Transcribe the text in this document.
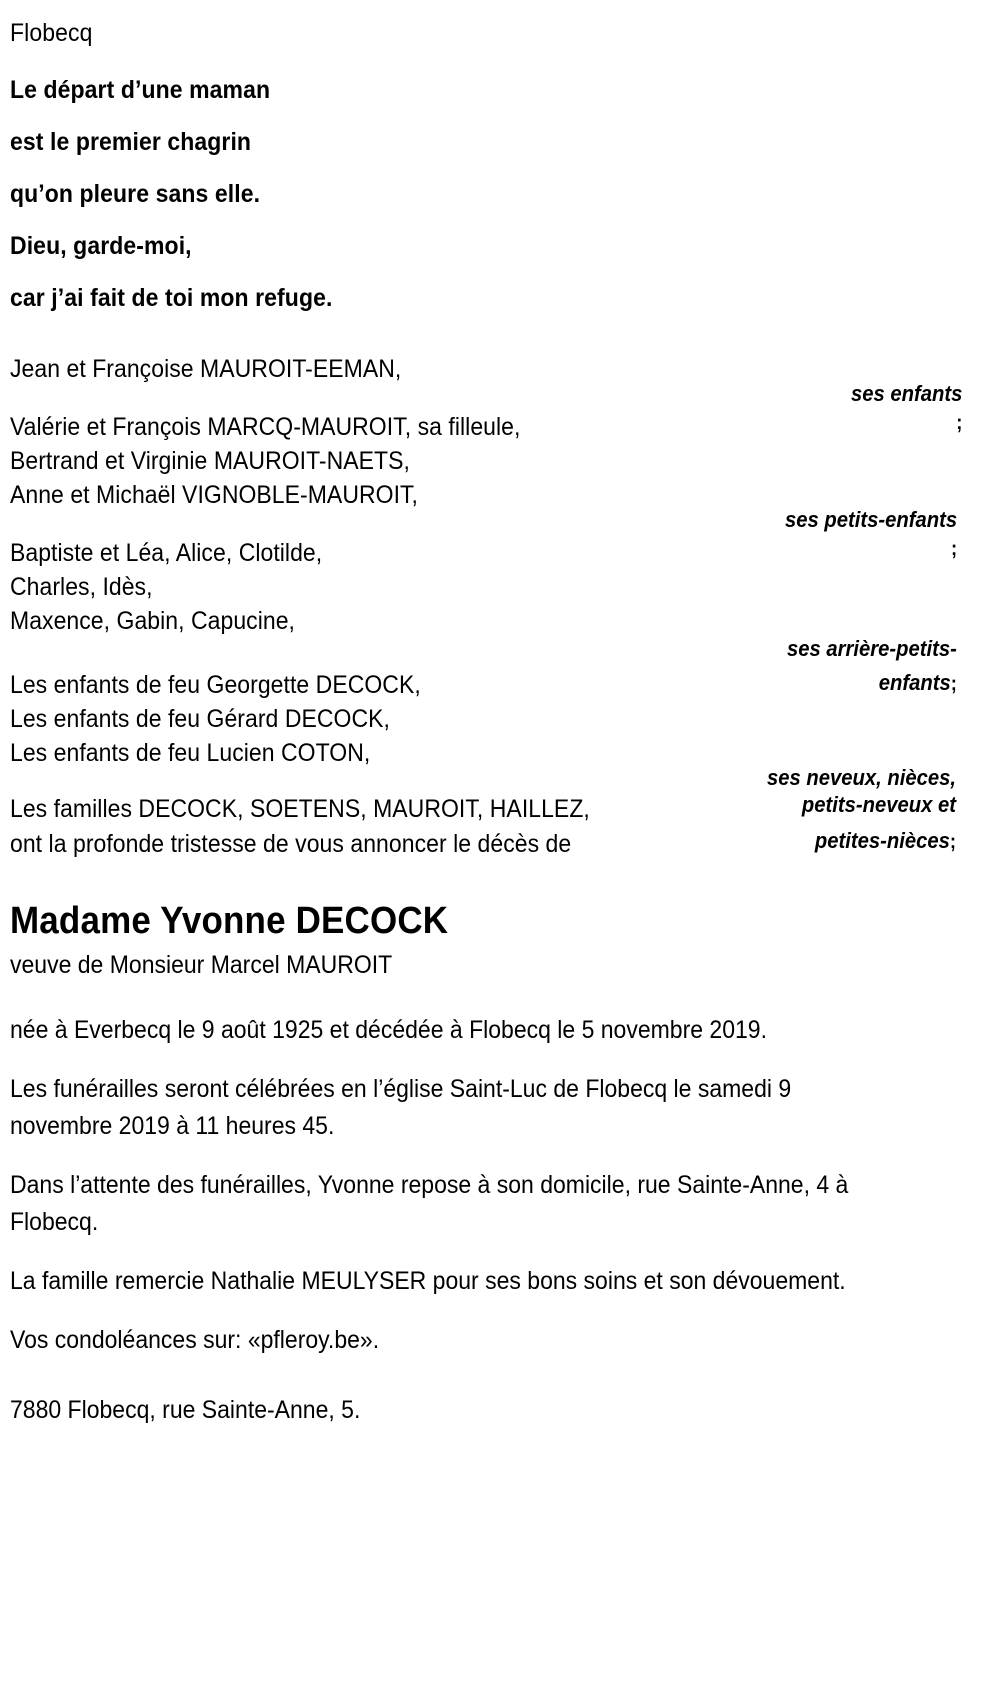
Flobecq
Le départ d’une maman
est le premier chagrin
qu’on pleure sans elle.
Dieu, garde-moi,
car j’ai fait de toi mon refuge.
Jean et Françoise MAUROIT-EEMAN,
ses enfants
;
Valérie et François MARCQ-MAUROIT, sa filleule,
Bertrand et Virginie MAUROIT-NAETS,
Anne et Michaël VIGNOBLE-MAUROIT,
ses petits-enfants
;
Baptiste et Léa, Alice, Clotilde,
Charles, Idès,
Maxence, Gabin, Capucine,
ses arrière-petits-
enfants;
Les enfants de feu Georgette DECOCK,
Les enfants de feu Gérard DECOCK,
Les enfants de feu Lucien COTON,
ses neveux, nièces,
petits-neveux et
petites-nièces;
Les familles DECOCK, SOETENS, MAUROIT, HAILLEZ,
ont la profonde tristesse de vous annoncer le décès de
Madame Yvonne DECOCK
veuve de Monsieur Marcel MAUROIT
née à Everbecq le 9 août 1925 et décédée à Flobecq le 5 novembre 2019.
Les funérailles seront célébrées en l’église Saint-Luc de Flobecq le samedi 9 novembre 2019 à 11 heures 45.
Dans l’attente des funérailles, Yvonne repose à son domicile, rue Sainte-Anne, 4 à Flobecq.
La famille remercie Nathalie MEULYSER pour ses bons soins et son dévouement.
Vos condoléances sur: «pfleroy.be».
7880 Flobecq, rue Sainte-Anne, 5.
